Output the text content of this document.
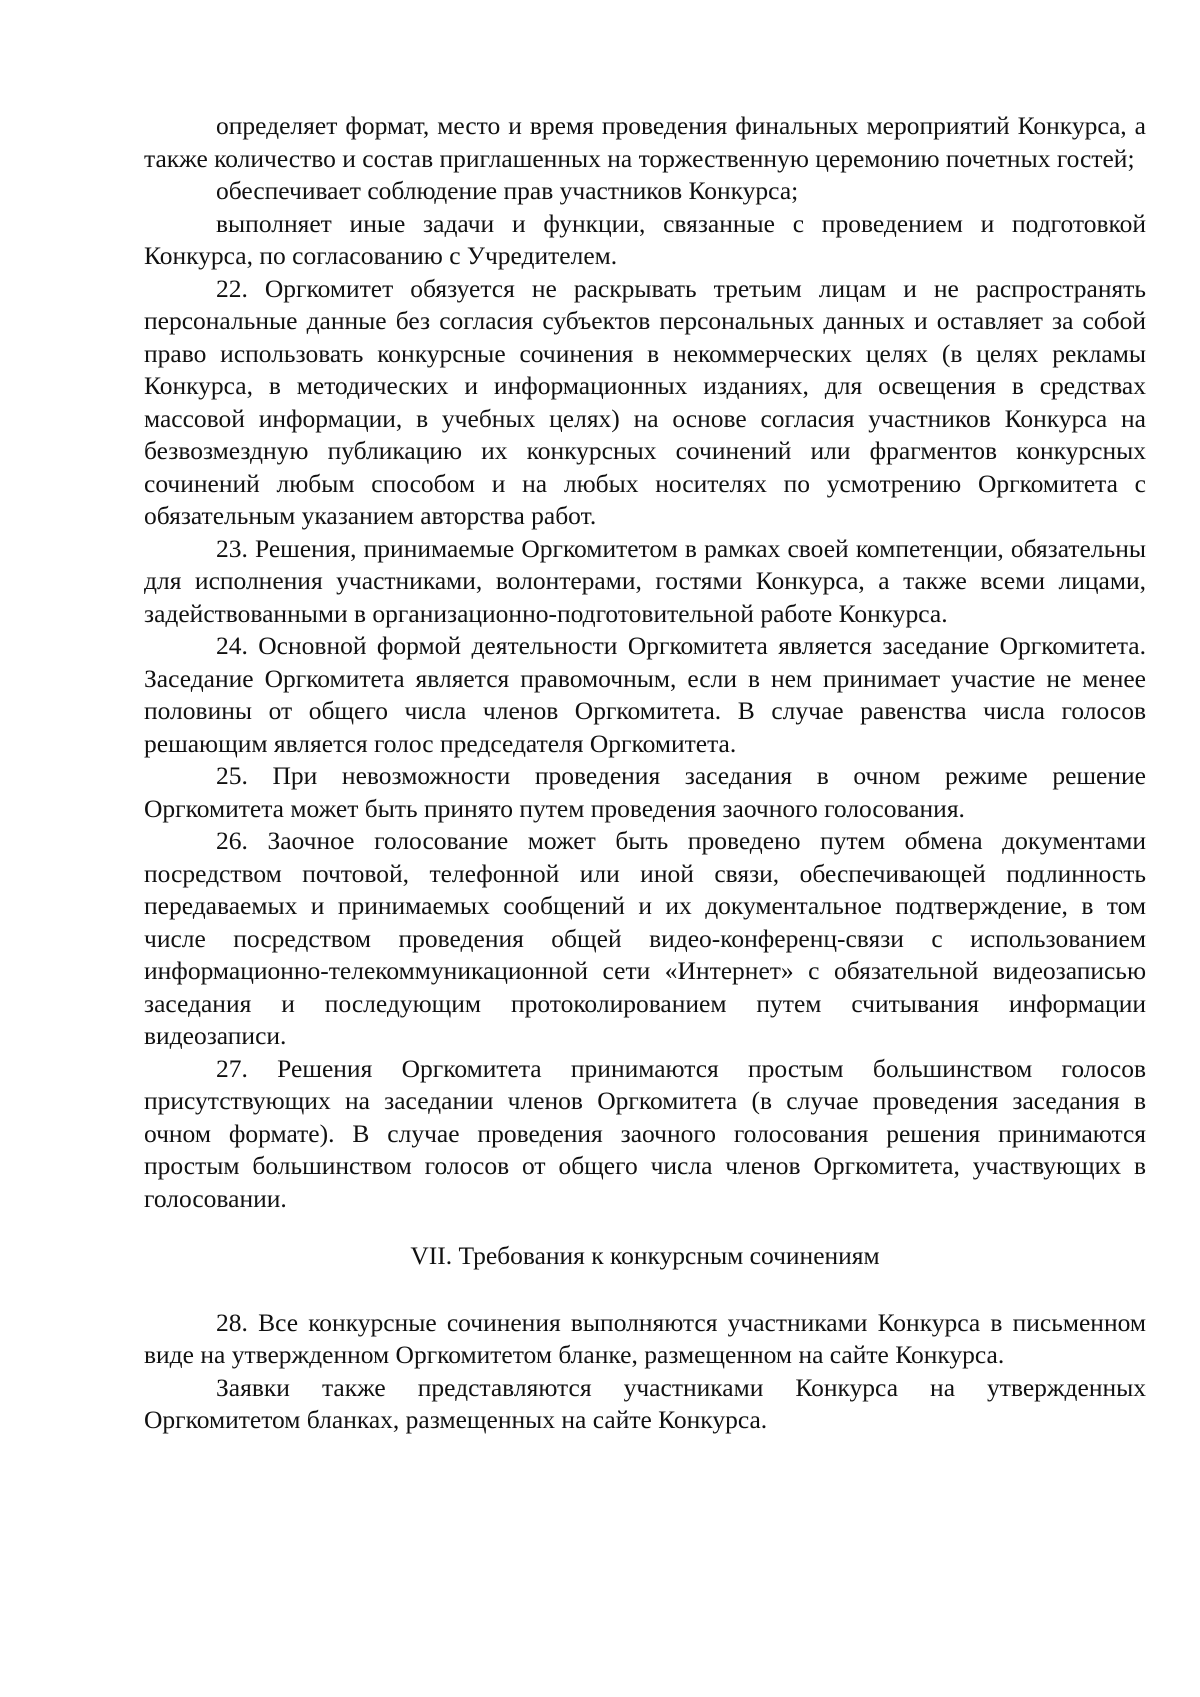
определяет формат, место и время проведения финальных мероприятий Конкурса, а также количество и состав приглашенных на торжественную церемонию почетных гостей;

обеспечивает соблюдение прав участников Конкурса;

выполняет иные задачи и функции, связанные с проведением и подготовкой Конкурса, по согласованию с Учредителем.

22. Оргкомитет обязуется не раскрывать третьим лицам и не распространять персональные данные без согласия субъектов персональных данных и оставляет за собой право использовать конкурсные сочинения в некоммерческих целях (в целях рекламы Конкурса, в методических и информационных изданиях, для освещения в средствах массовой информации, в учебных целях) на основе согласия участников Конкурса на безвозмездную публикацию их конкурсных сочинений или фрагментов конкурсных сочинений любым способом и на любых носителях по усмотрению Оргкомитета с обязательным указанием авторства работ.

23. Решения, принимаемые Оргкомитетом в рамках своей компетенции, обязательны для исполнения участниками, волонтерами, гостями Конкурса, а также всеми лицами, задействованными в организационно-подготовительной работе Конкурса.

24. Основной формой деятельности Оргкомитета является заседание Оргкомитета. Заседание Оргкомитета является правомочным, если в нем принимает участие не менее половины от общего числа членов Оргкомитета. В случае равенства числа голосов решающим является голос председателя Оргкомитета.

25. При невозможности проведения заседания в очном режиме решение Оргкомитета может быть принято путем проведения заочного голосования.

26. Заочное голосование может быть проведено путем обмена документами посредством почтовой, телефонной или иной связи, обеспечивающей подлинность передаваемых и принимаемых сообщений и их документальное подтверждение, в том числе посредством проведения общей видео-конференц-связи с использованием информационно-телекоммуникационной сети «Интернет» с обязательной видеозаписью заседания и последующим протоколированием путем считывания информации видеозаписи.

27. Решения Оргкомитета принимаются простым большинством голосов присутствующих на заседании членов Оргкомитета (в случае проведения заседания в очном формате). В случае проведения заочного голосования решения принимаются простым большинством голосов от общего числа членов Оргкомитета, участвующих в голосовании.

VII. Требования к конкурсным сочинениям

28. Все конкурсные сочинения выполняются участниками Конкурса в письменном виде на утвержденном Оргкомитетом бланке, размещенном на сайте Конкурса.

Заявки также представляются участниками Конкурса на утвержденных Оргкомитетом бланках, размещенных на сайте Конкурса.
